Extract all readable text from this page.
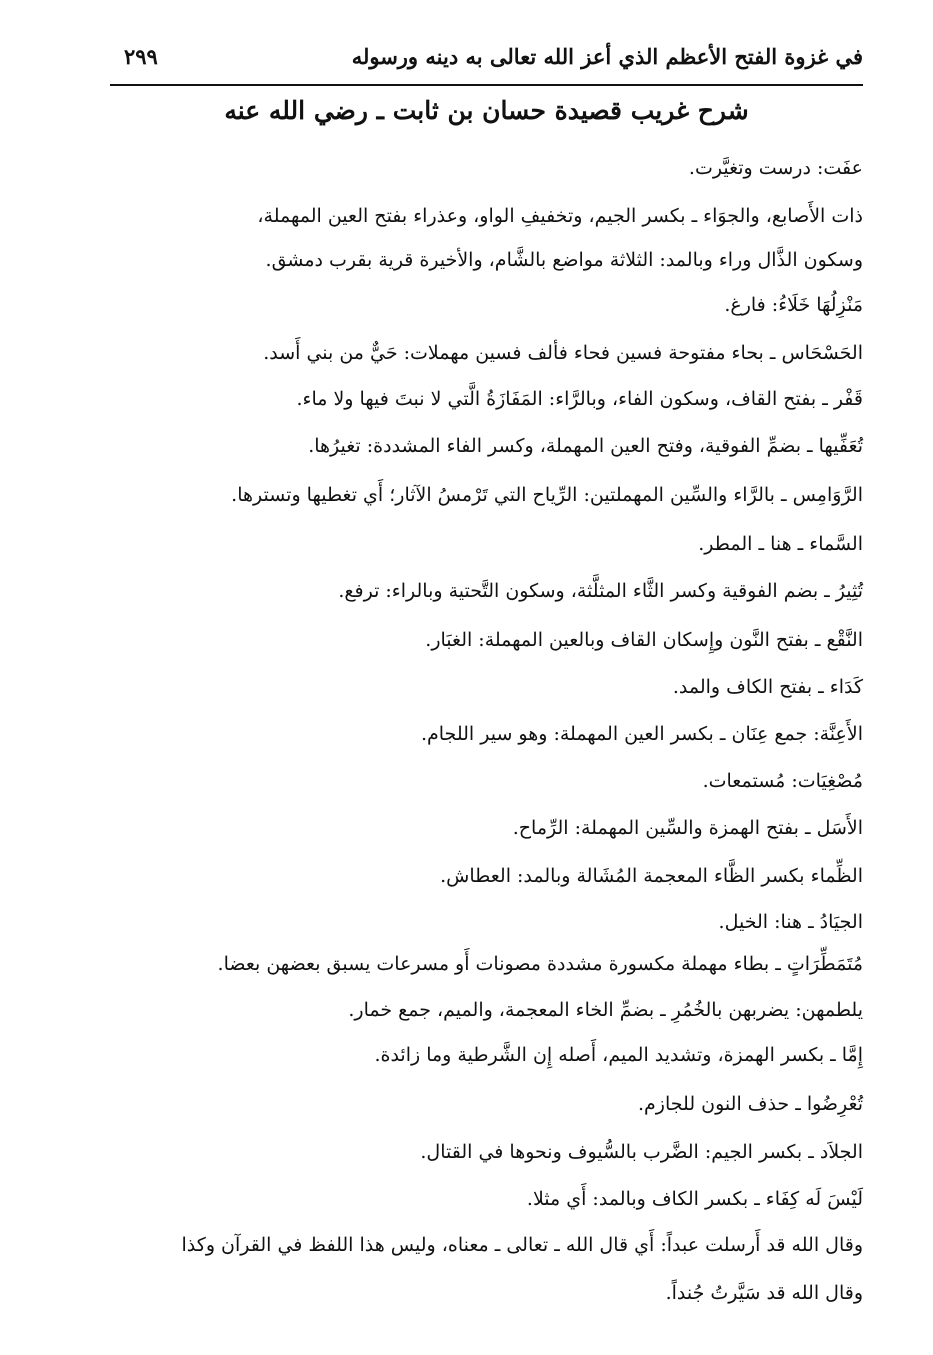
في غزوة الفتح الأعظم الذي أعز الله تعالى به دينه ورسوله
٢٩٩
شرح غريب قصيدة حسان بن ثابت ـ رضي الله عنه
عفَت: درست وتغيَّرت.
ذات الأَصابع، والجوَاء ـ بكسر الجيم، وتخفيفِ الواو، وعذراء بفتح العين المهملة،
وسكون الذَّال وراء وبالمد: الثلاثة مواضع بالشَّام، والأخيرة قرية بقرب دمشق.
مَنْزِلُهَا خَلَاءُ: فارغ.
الحَسْحَاس ـ بحاء مفتوحة فسين فحاء فألف فسين مهملات: حَيٌّ من بني أَسد.
قَفْر ـ بفتح القاف، وسكون الفاء، وبالرَّاء: المَفَازَةُ الَّتي لا نبتَ فيها ولا ماء.
تُعَفِّيها ـ بضمِّ الفوقية، وفتح العين المهملة، وكسر الفاء المشددة: تغيرُها.
الرَّوَامِس ـ بالرَّاء والسِّين المهملتين: الرِّياح التي تَرْمسُ الآثار؛ أَي تغطيها وتسترها.
السَّماء ـ هنا ـ المطر.
تُثِيرُ ـ بضم الفوقية وكسر الثَّاء المثلَّثة، وسكون التَّحتية وبالراء: ترفع.
النَّقْع ـ بفتح النَّون وإِسكان القاف وبالعين المهملة: الغبَار.
كَدَاء ـ بفتح الكاف والمد.
الأَعِنَّة: جمع عِنَان ـ بكسر العين المهملة: وهو سير اللجام.
مُصْغِيَات: مُستمعات.
الأَسَل ـ بفتح الهمزة والسِّين المهملة: الرِّماح.
الظِّماء بكسر الظَّاء المعجمة المُشَالة وبالمد: العطاش.
الجيَادُ ـ هنا: الخيل.
مُتَمَطِّرَاتٍ ـ بطاء مهملة مكسورة مشددة مصونات أَو مسرعات يسبق بعضهن بعضا.
يلطمهن: يضربهن بالخُمُرِ ـ بضمِّ الخاء المعجمة، والميم، جمع خمار.
إِمَّا ـ بكسر الهمزة، وتشديد الميم، أَصله إِن الشَّرطية وما زائدة.
تُعْرِضُوا ـ حذف النون للجازم.
الجلاَد ـ بكسر الجيم: الضَّرب بالسُّيوف ونحوها في القتال.
لَيْسَ لَه كِفَاء ـ بكسر الكاف وبالمد: أَي مثلا.
وقال الله قد أَرسلت عبداً: أَي قال الله ـ تعالى ـ معناه، وليس هذا اللفظ في القرآن وكذا
وقال الله قد سَيَّرتُ جُنداً.
